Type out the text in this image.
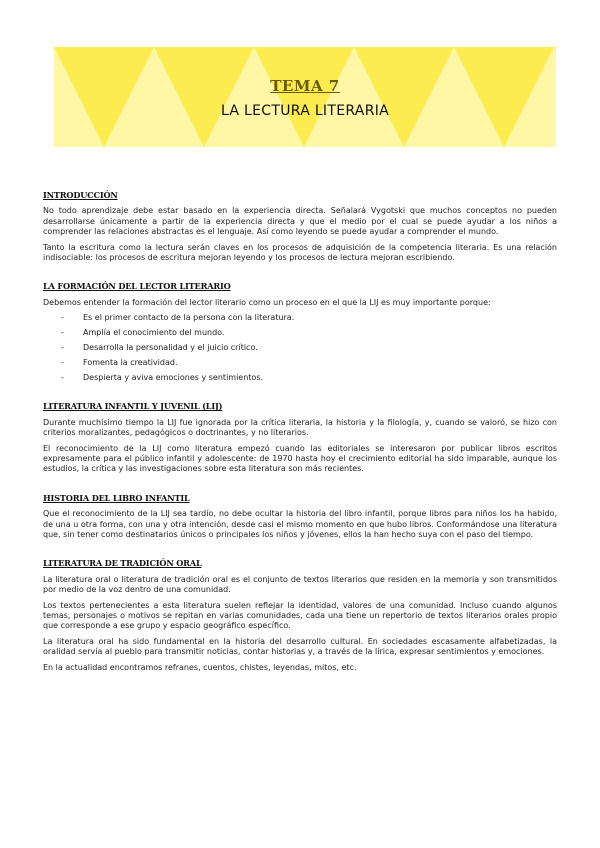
TEMA 7
LA LECTURA LITERARIA
INTRODUCCIÓN

No todo aprendizaje debe estar basado en la experiencia directa. Señalará Vygotski que muchos conceptos no pueden desarrollarse únicamente a partir de la experiencia directa y que el medio por el cual se puede ayudar a los niños a comprender las relaciones abstractas es el lenguaje. Así como leyendo se puede ayudar a comprender el mundo.

Tanto la escritura como la lectura serán claves en los procesos de adquisición de la competencia literaria. Es una relación indisociable: los procesos de escritura mejoran leyendo y los procesos de lectura mejoran escribiendo.

LA FORMACIÓN DEL LECTOR LITERARIO

Debemos entender la formación del lector literario como un proceso en el que la LIJ es muy importante porque:

- Es el primer contacto de la persona con la literatura.
- Amplía el conocimiento del mundo.
- Desarrolla la personalidad y el juicio crítico.
- Fomenta la creatividad.
- Despierta y aviva emociones y sentimientos.
LITERATURA INFANTIL Y JUVENIL (LIJ)

Durante muchísimo tiempo la LIJ fue ignorada por la crítica literaria, la historia y la filología, y, cuando se valoró, se hizo con criterios moralizantes, pedagógicos o doctrinantes, y no literarios.

El reconocimiento de la LIJ como literatura empezó cuando las editoriales se interesaron por publicar libros escritos expresamente para el público infantil y adolescente: de 1970 hasta hoy el crecimiento editorial ha sido imparable, aunque los estudios, la crítica y las investigaciones sobre esta literatura son más recientes.

HISTORIA DEL LIBRO INFANTIL

Que el reconocimiento de la LIJ sea tardío, no debe ocultar la historia del libro infantil, porque libros para niños los ha habido, de una u otra forma, con una y otra intención, desde casi el mismo momento en que hubo libros. Conformándose una literatura que, sin tener como destinatarios únicos o principales los niños y jóvenes, ellos la han hecho suya con el paso del tiempo.

LITERATURA DE TRADICIÓN ORAL

La literatura oral o literatura de tradición oral es el conjunto de textos literarios que residen en la memoria y son transmitidos por medio de la voz dentro de una comunidad.

Los textos pertenecientes a esta literatura suelen reflejar la identidad, valores de una comunidad. Incluso cuando algunos temas, personajes o motivos se repitan en varias comunidades, cada una tiene un repertorio de textos literarios orales propio que corresponde a ese grupo y espacio geográfico específico.

La literatura oral ha sido fundamental en la historia del desarrollo cultural. En sociedades escasamente alfabetizadas, la oralidad servía al pueblo para transmitir noticias, contar historias y, a través de la lírica, expresar sentimientos y emociones.

En la actualidad encontramos refranes, cuentos, chistes, leyendas, mitos, etc.
